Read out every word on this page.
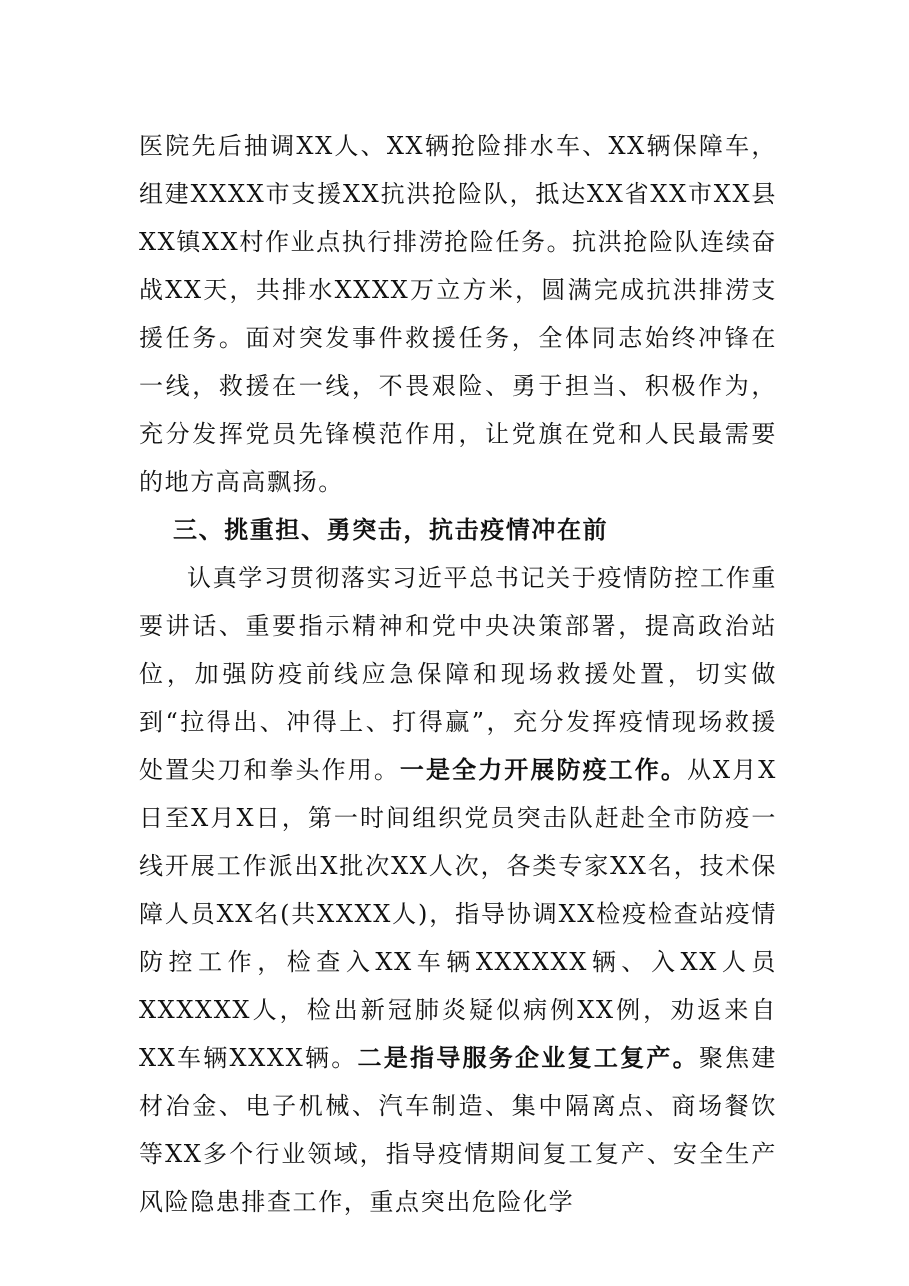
医院先后抽调XX人、XX辆抢险排水车、XX辆保障车，组建XXXX市支援XX抗洪抢险队，抵达XX省XX市XX县XX镇XX村作业点执行排涝抢险任务。抗洪抢险队连续奋战XX天，共排水XXXX万立方米，圆满完成抗洪排涝支援任务。面对突发事件救援任务，全体同志始终冲锋在一线，救援在一线，不畏艰险、勇于担当、积极作为，充分发挥党员先锋模范作用，让党旗在党和人民最需要的地方高高飘扬。

三、挑重担、勇突击，抗击疫情冲在前

认真学习贯彻落实习近平总书记关于疫情防控工作重要讲话、重要指示精神和党中央决策部署，提高政治站位，加强防疫前线应急保障和现场救援处置，切实做到“拉得出、冲得上、打得赢”，充分发挥疫情现场救援处置尖刀和拳头作用。一是全力开展防疫工作。从X月X日至X月X日，第一时间组织党员突击队赶赴全市防疫一线开展工作派出X批次XX人次，各类专家XX名，技术保障人员XX名(共XXXX人)，指导协调XX检疫检查站疫情防控工作，检查入XX车辆XXXXXX辆、入XX人员XXXXXX人，检出新冠肺炎疑似病例XX例，劝返来自XX车辆XXXX辆。二是指导服务企业复工复产。聚焦建材冶金、电子机械、汽车制造、集中隔离点、商场餐饮等XX多个行业领域，指导疫情期间复工复产、安全生产风险隐患排查工作，重点突出危险化学
